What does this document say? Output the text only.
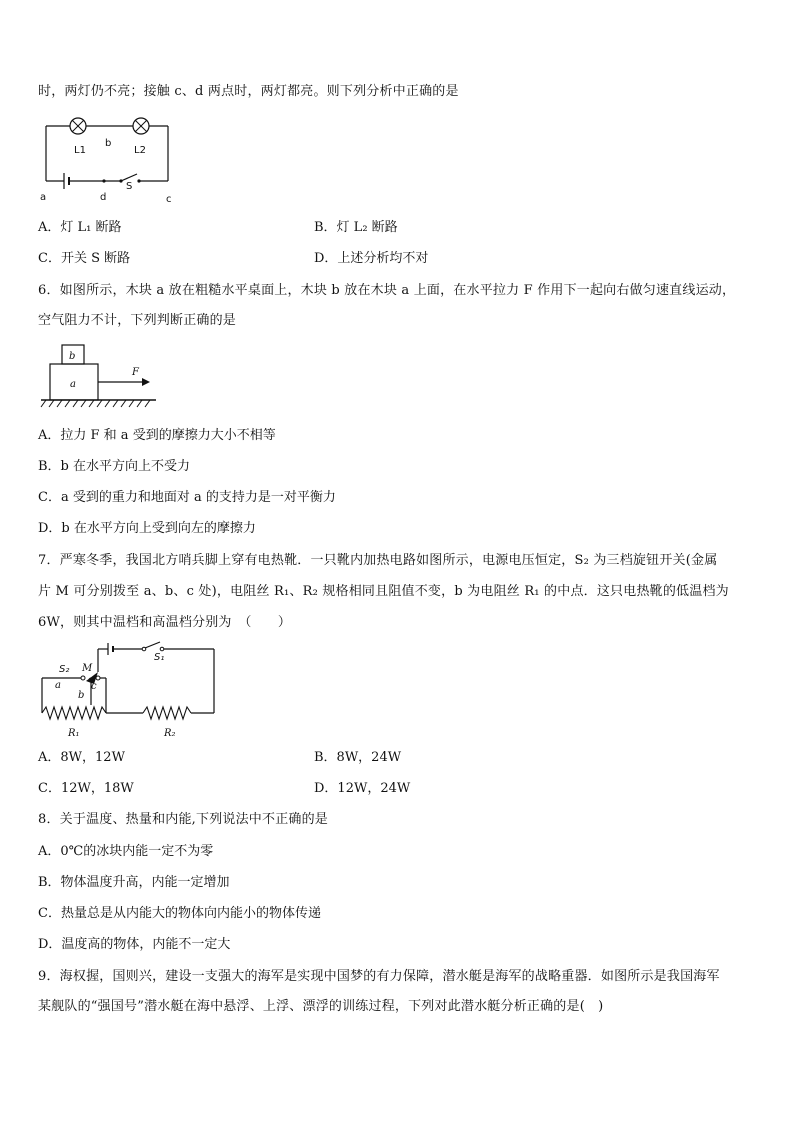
时，两灯仍不亮；接触 c、d 两点时，两灯都亮。则下列分析中正确的是
L1
b
L2
a	d
S
c
A．灯 L₁ 断路	B．灯 L₂ 断路
C．开关 S 断路	D．上述分析均不对
6．如图所示，木块 a 放在粗糙水平桌面上，木块 b 放在木块 a 上面，在水平拉力 F 作用下一起向右做匀速直线运动，
空气阻力不计，下列判断正确的是
b
a
F
A．拉力 F 和 a 受到的摩擦力大小不相等
B．b 在水平方向上不受力
C．a 受到的重力和地面对 a 的支持力是一对平衡力
D．b 在水平方向上受到向左的摩擦力
7．严寒冬季，我国北方哨兵脚上穿有电热靴．一只靴内加热电路如图所示，电源电压恒定，S₂ 为三档旋钮开关(金属
片 M 可分别拨至 a、b、c 处)，电阻丝 R₁、R₂ 规格相同且阻值不变，b 为电阻丝 R₁ 的中点．这只电热靴的低温档为
6W，则其中温档和高温档分别为　（　　）
S₁
S₂ M
a
b
c
R₁	R₂
A．8W，12W	B．8W，24W
C．12W，18W	D．12W，24W
8．关于温度、热量和内能,下列说法中不正确的是
A．0℃的冰块内能一定不为零
B．物体温度升高，内能一定增加
C．热量总是从内能大的物体向内能小的物体传递
D．温度高的物体，内能不一定大
9．海权握，国则兴，建设一支强大的海军是实现中国梦的有力保障，潜水艇是海军的战略重器．如图所示是我国海军
某舰队的“强国号”潜水艇在海中悬浮、上浮、漂浮的训练过程，下列对此潜水艇分析正确的是(　)
